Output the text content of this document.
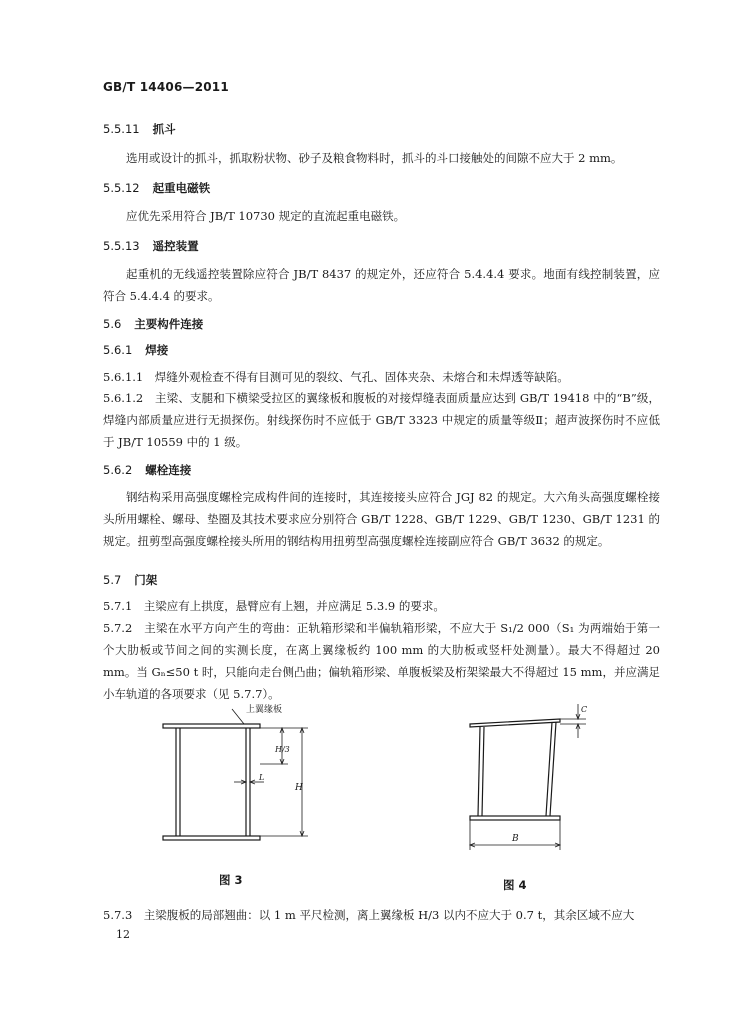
GB/T 14406—2011
5.5.11 抓斗

选用或设计的抓斗，抓取粉状物、砂子及粮食物料时，抓斗的斗口接触处的间隙不应大于 2 mm。

5.5.12 起重电磁铁

应优先采用符合 JB/T 10730 规定的直流起重电磁铁。

5.5.13 遥控装置

起重机的无线遥控装置除应符合 JB/T 8437 的规定外，还应符合 5.4.4.4 要求。地面有线控制装置，应符合 5.4.4.4 的要求。

5.6 主要构件连接
5.6.1 焊接

5.6.1.1　焊缝外观检查不得有目测可见的裂纹、气孔、固体夹杂、未熔合和未焊透等缺陷。

5.6.1.2　主梁、支腿和下横梁受拉区的翼缘板和腹板的对接焊缝表面质量应达到 GB/T 19418 中的“B”级，焊缝内部质量应进行无损探伤。射线探伤时不应低于 GB/T 3323 中规定的质量等级Ⅱ；超声波探伤时不应低于 JB/T 10559 中的 1 级。

5.6.2 螺栓连接

钢结构采用高强度螺栓完成构件间的连接时，其连接接头应符合 JGJ 82 的规定。大六角头高强度螺栓接头所用螺栓、螺母、垫圈及其技术要求应分别符合 GB/T 1228、GB/T 1229、GB/T 1230、GB/T 1231 的规定。扭剪型高强度螺栓接头所用的钢结构用扭剪型高强度螺栓连接副应符合 GB/T 3632 的规定。

5.7 门架

5.7.1　主梁应有上拱度，悬臂应有上翘，并应满足 5.3.9 的要求。

5.7.2　主梁在水平方向产生的弯曲：正轨箱形梁和半偏轨箱形梁，不应大于 S₁/2 000（S₁ 为两端始于第一个大肋板或节间之间的实测长度，在离上翼缘板约 100 mm 的大肋板或竖杆处测量）。最大不得超过 20 mm。当 Gₙ≤50 t 时，只能向走台侧凸曲；偏轨箱形梁、单腹板梁及桁架梁最大不得超过 15 mm，并应满足小车轨道的各项要求（见 5.7.7）。

上翼缘板
H/3
H
L
图 3
C
B
图 4

5.7.3　主梁腹板的局部翘曲：以 1 m 平尺检测，离上翼缘板 H/3 以内不应大于 0.7 t，其余区域不应大

12
